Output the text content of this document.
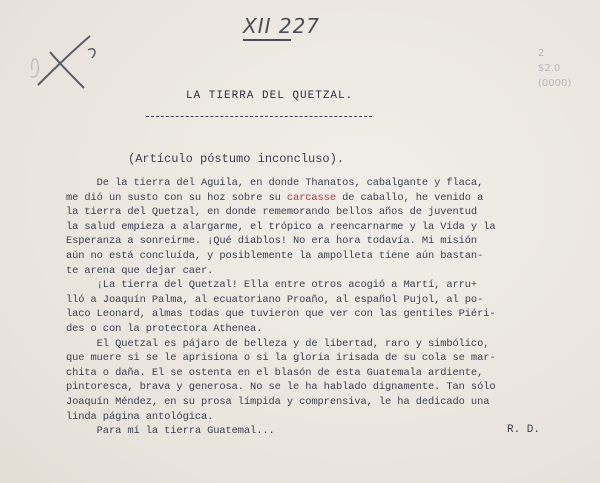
XII 227
2
$2.0
(0000)
LA TIERRA DEL QUETZAL.
(Artículo póstumo inconcluso).
De la tierra del Aguila, en donde Thanatos, cabalgante y flaca,
me dió un susto con su hoz sobre su carcasse de caballo, he venido a
la tierra del Quetzal, en donde rememorando bellos años de juventud
la salud empieza a alargarme, el trópico a reencarnarme y la Vida y la
Esperanza a sonreirme. ¡Qué diablos! No era hora todavía. Mi misión
aún no está concluída, y posiblemente la ampolleta tiene aún bastan-
te arena que dejar caer.
¡La tierra del Quetzal! Ella entre otros acogió a Martí, arru+
lló a Joaquín Palma, al ecuatoriano Proaño, al español Pujol, al po-
laco Leonard, almas todas que tuvieron que ver con las gentiles Piéri-
des o con la protectora Athenea.
El Quetzal es pájaro de belleza y de libertad, raro y simbólico,
que muere si se le aprisiona o si la gloria irisada de su cola se mar-
chita o daña. El se ostenta en el blasón de esta Guatemala ardiente,
pintoresca, brava y generosa. No se le ha hablado dignamente. Tan sólo
Joaquín Méndez, en su prosa límpida y comprensiva, le ha dedicado una
linda página antológica.
Para mí la tierra Guatemal...	R. D.
